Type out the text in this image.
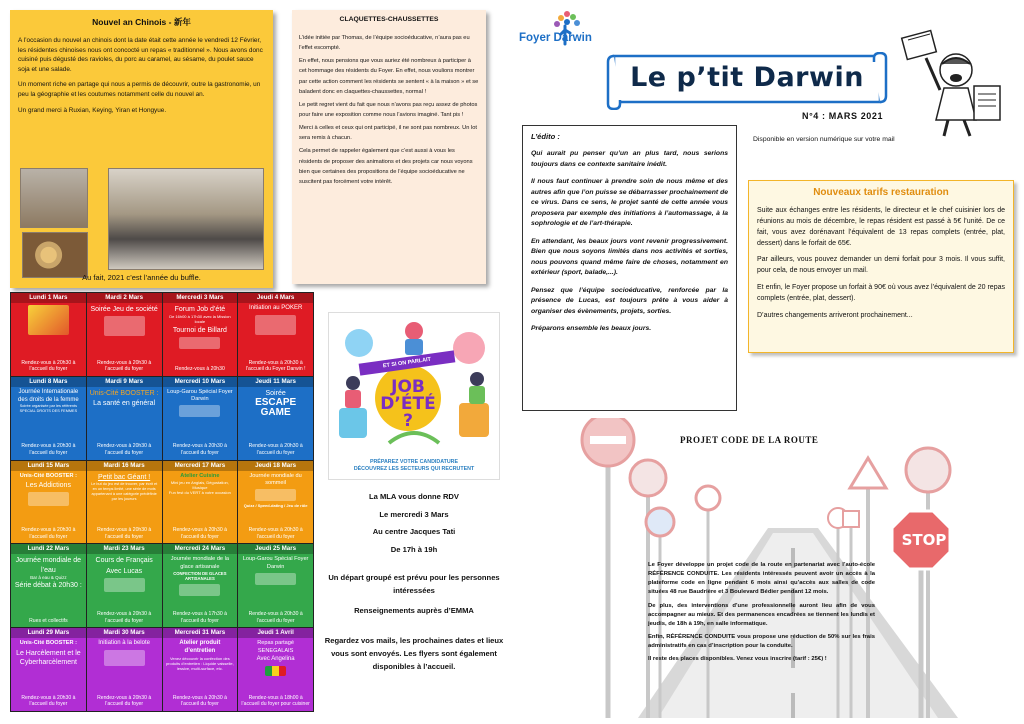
Nouvel an Chinois - 新年

A l’occasion du nouvel an chinois dont la date était cette année le vendredi 12 Février, les résidentes chinoises nous ont concocté un repas « traditionnel ». Nous avons donc cuisiné puis dégusté des ravioles, du porc au caramel, au sésame, du poulet sauce soja et une salade.

Un moment riche en partage qui nous a permis de découvrir, outre la gastronomie, un peu la géographie et les coutumes notamment celle du nouvel an.

Un grand merci à Ruxian, Keying, Yiran et Hongyue.

Au fait, 2021 c’est l’année du buffle.
CLAQUETTES-CHAUSSETTES

L’idée initiée par Thomas, de l’équipe socioéducative, n’aura pas eu l’effet escompté.

En effet, nous pensions que vous auriez été nombreux à participer à cet hommage des résidents du Foyer. En effet, nous voulions montrer par cette action comment les résidents se sentent « à la maison » et se baladent donc en claquettes-chaussettes, normal !

Le petit regret vient du fait que nous n’avons pas reçu assez de photos pour faire une exposition comme nous l’avions imaginé. Tant pis !

Merci à celles et ceux qui ont participé, il ne sont pas nombreux. Un lot sera remis à chacun.

Cela permet de rappeler également que c’est aussi à vous les résidents de proposer des animations et des projets car nous voyons bien que certaines des propositions de l’équipe socioéducative ne suscitent pas forcément votre intérêt.

Lundi 1 Mars
Rendez-vous à 20h30 à l’accueil du foyer
Mardi 2 Mars
Soirée Jeu de société
Rendez-vous à 20h30 à l’accueil du foyer
Mercredi 3 Mars
Forum Job d’été
De 16h00 à 17h30 avec la Mission locale
Tournoi de Billard
Rendez-vous à 20h30
Jeudi 4 Mars
Initiation au POKER
Rendez-vous à 20h30 à l’accueil du Foyer Darwin !
Lundi 8 Mars
Journée Internationale des droits de la femme
Soirée organisée par les référents SPECIAL DROITS DES FEMMES
Rendez-vous à 20h30 à l’accueil du foyer
Mardi 9 Mars
Unis-Cité BOOSTER :
La santé en général
Rendez-vous à 20h30 à l’accueil du foyer
Mercredi 10 Mars
Loup-Garou Spécial Foyer Darwin
Rendez-vous à 20h30 à l’accueil du foyer
Jeudi 11 Mars
Soirée
ESCAPE GAME
Rendez-vous à 20h30 à l’accueil du foyer
Lundi 15 Mars
Unis-Cité BOOSTER :
Les Addictions
Rendez-vous à 20h30 à l’accueil du foyer
Mardi 16 Mars
Petit bac Géant !
Le but du jeu est de trouver, par écrit et en un temps limité, une série de mots appartenant à une catégorie prédéfinie par les joueurs
Rendez-vous à 20h30 à l’accueil du foyer
Mercredi 17 Mars
Atelier Cuisine
Mini jeu en Anglais, Dégustation, Musique
Fun fest du VERT à votre occasion
Rendez-vous à 20h30 à l’accueil du foyer
Jeudi 18 Mars
Journée mondiale du sommeil
Quizz / Speed-dating / Jeu de rôle
Rendez-vous à 20h30 à l’accueil du foyer
Lundi 22 Mars
Journée mondiale de l’eau
Bar à eau & Quizz
Série débat à 20h30 :
Rues et collectifs
Mardi 23 Mars
Cours de Français
Avec Lucas
Rendez-vous à 20h30 à l’accueil du foyer
Mercredi 24 Mars
Journée mondiale de la glace artisanale
CONFECTION DE GLACES ARTISANALES
Rendez-vous à 17h30 à l’accueil du foyer
Jeudi 25 Mars
Loup-Garou Spécial Foyer Darwin
Rendez-vous à 20h30 à l’accueil du foyer
Lundi 29 Mars
Unis-Cité BOOSTER :
Le Harcèlement et le Cyberharcèlement
Rendez-vous à 20h30 à l’accueil du foyer
Mardi 30 Mars
Initiation à la belote
Rendez-vous à 20h30 à l’accueil du foyer
Mercredi 31 Mars
Atelier produit d’entretien
Venez découvrir la confection des produits d’entretien : Liquide vaisselle, lessive, multi-surface, etc.
Rendez-vous à 20h30 à l’accueil du foyer
Jeudi 1 Avril
Repas partagé SENEGALAIS
Avec Angelina
Rendez-vous à 18h00 à l’accueil du foyer pour cuisiner
ET SI ON PARLAIT
JOB D’ÉTÉ ?
PRÉPAREZ VOTRE CANDIDATURE
DÉCOUVREZ LES SECTEURS QUI RECRUTENT
La MLA vous donne RDV
Le mercredi 3 Mars
Au centre Jacques Tati
De 17h à 19h
Un départ groupé est prévu pour les personnes intéressées
Renseignements auprès d’EMMA
Regardez vos mails, les prochaines dates et lieux vous sont envoyés. Les flyers sont également disponibles à l’accueil.
Foyer Darwin
Le p’tit Darwin
N°4 : MARS 2021
Disponible en version numérique sur votre mail
L’édito :

Qui aurait pu penser qu’un an plus tard, nous serions toujours dans ce contexte sanitaire inédit.

Il nous faut continuer à prendre soin de nous même et des autres afin que l’on puisse se débarrasser prochainement de ce virus. Dans ce sens, le projet santé de cette année vous proposera par exemple des initiations à l’automassage, à la sophrologie et de l’art-thérapie.

En attendant, les beaux jours vont revenir progressivement. Bien que nous soyons limités dans nos activités et sorties, nous pouvons quand même faire de choses, notamment en extérieur (sport, balade,...).

Pensez que l’équipe socioéducative, renforcée par la présence de Lucas, est toujours prête à vous aider à organiser des évènements, projets, sorties.

Préparons ensemble les beaux jours.

Nouveaux tarifs restauration

Suite aux échanges entre les résidents, le directeur et le chef cuisinier lors de réunions au mois de décembre, le repas résident est passé à 5€ l’unité. De ce fait, vous avez dorénavant l’équivalent de 13 repas complets (entrée, plat, dessert) dans le forfait de 65€.

Par ailleurs, vous pouvez demander un demi forfait pour 3 mois. Il vous suffit, pour cela, de nous envoyer un mail.

Et enfin, le Foyer propose un forfait à 90€ où vous avez l’équivalent de 20 repas complets (entrée, plat, dessert).

D’autres changements arriveront prochainement...

STOP
PROJET CODE DE LA ROUTE

Le Foyer développe un projet code de la route en partenariat avec l’auto-école RÉFÉRENCE CONDUITE. Les résidents intéressés peuvent avoir un accès à la plateforme code en ligne pendant 6 mois ainsi qu’accès aux salles de code situées 48 rue Baudrière et 3 Boulevard Bédier pendant 12 mois.

De plus, des interventions d’une professionnelle auront lieu afin de vous accompagner au mieux. Et des permanences encadrées se tiennent les lundis et jeudis, de 18h à 19h, en salle informatique.

Enfin, RÉFÉRENCE CONDUITE vous propose une réduction de 50% sur les frais administratifs en cas d’inscription pour la conduite.

Il reste des places disponibles. Venez vous inscrire (tarif : 25€) !
